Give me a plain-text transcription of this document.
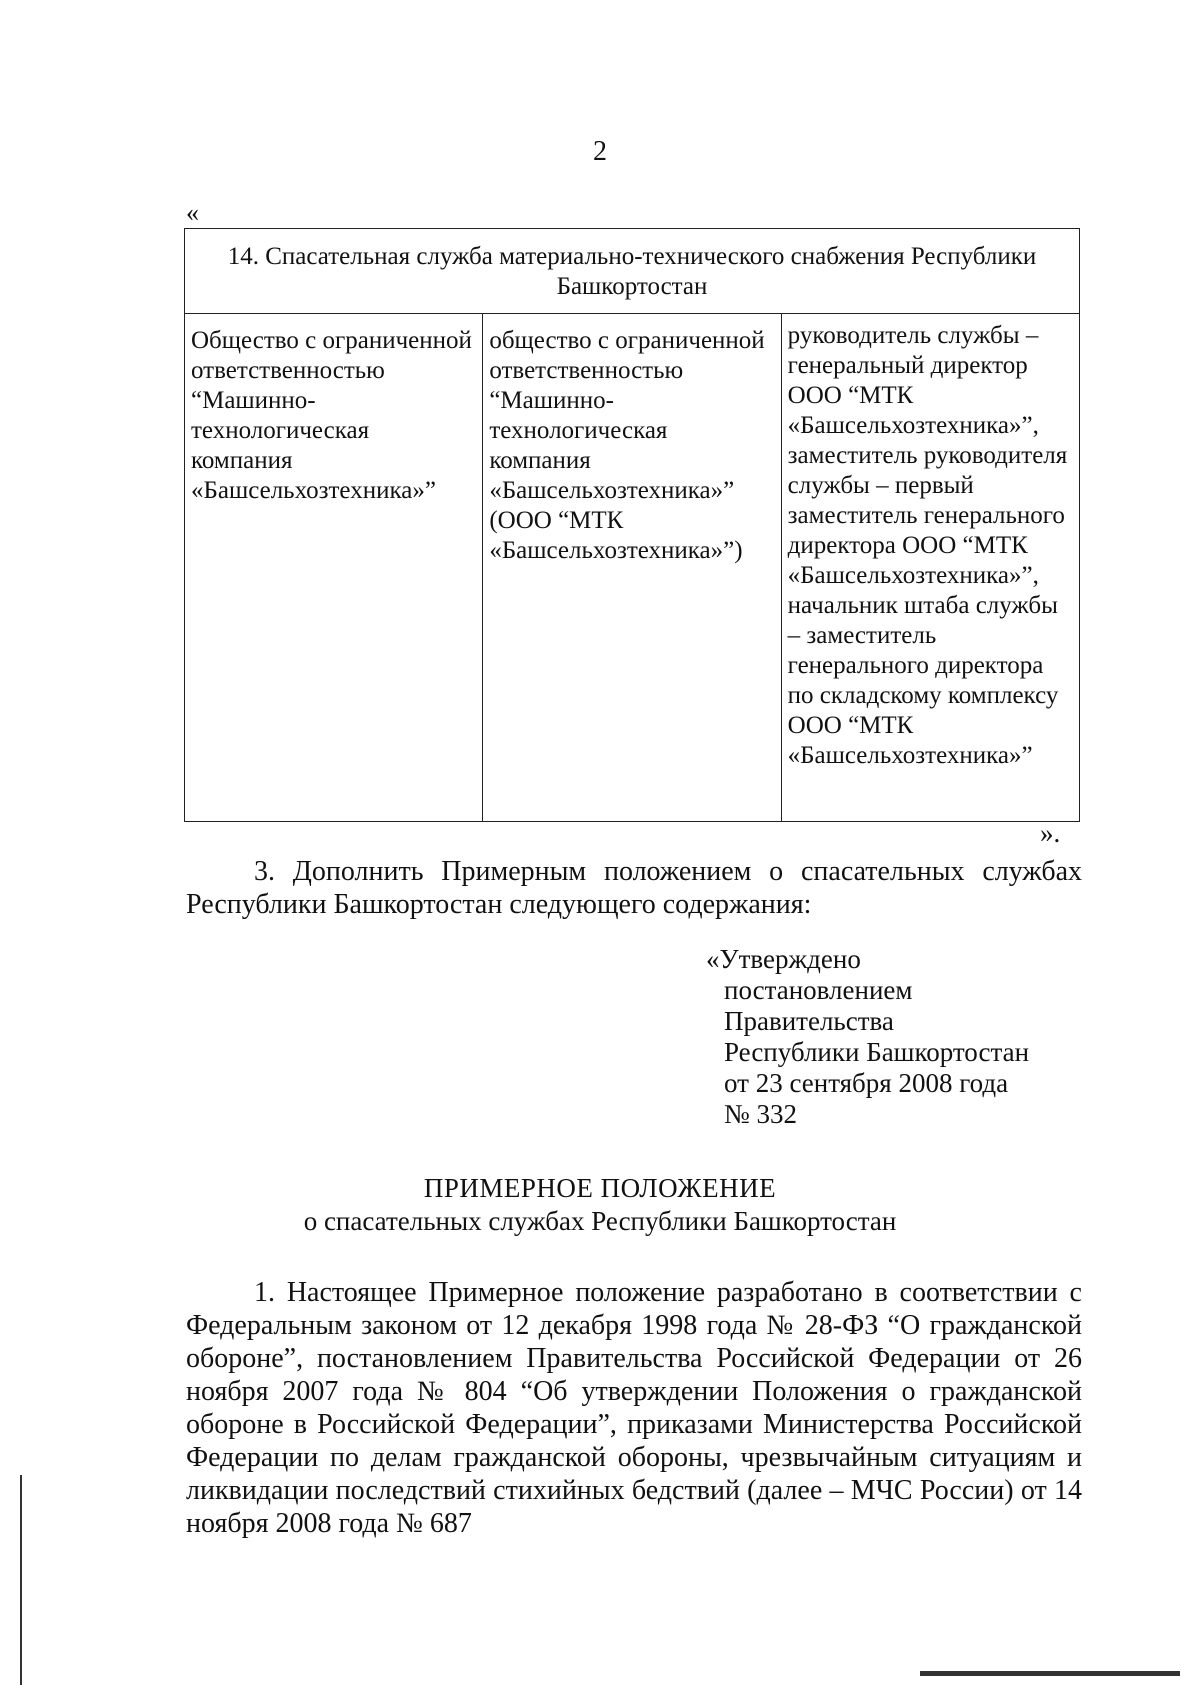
2
«
14. Спасательная служба материально-технического снабжения Республики Башкортостан
Общество с ограниченной ответственностью “Машинно-технологическая компания «Башсельхозтехника»”	общество с ограниченной ответственностью “Машинно-технологическая компания «Башсельхозтехника»” (ООО “МТК «Башсельхозтехника»”)	руководитель службы – генеральный директор ООО “МТК «Башсельхозтехника»”, заместитель руководителя службы – первый заместитель генерального директора ООО “МТК «Башсельхозтехника»”, начальник штаба службы – заместитель генерального директора по складскому комплексу ООО “МТК «Башсельхозтехника»”
».
3. Дополнить Примерным положением о спасательных службах Республики Башкортостан следующего содержания:
«Утверждено
постановлением
Правительства
Республики Башкортостан
от 23 сентября 2008 года
№ 332
ПРИМЕРНОЕ ПОЛОЖЕНИЕ
о спасательных службах Республики Башкортостан
1. Настоящее Примерное положение разработано в соответствии с Федеральным законом от 12 декабря 1998 года № 28-ФЗ “О гражданской обороне”, постановлением Правительства Российской Федерации от 26 ноября 2007 года № 804 “Об утверждении Положения о гражданской обороне в Российской Федерации”, приказами Министерства Российской Федерации по делам гражданской обороны, чрезвычайным ситуациям и ликвидации последствий стихийных бедствий (далее – МЧС России) от 14 ноября 2008 года № 687
